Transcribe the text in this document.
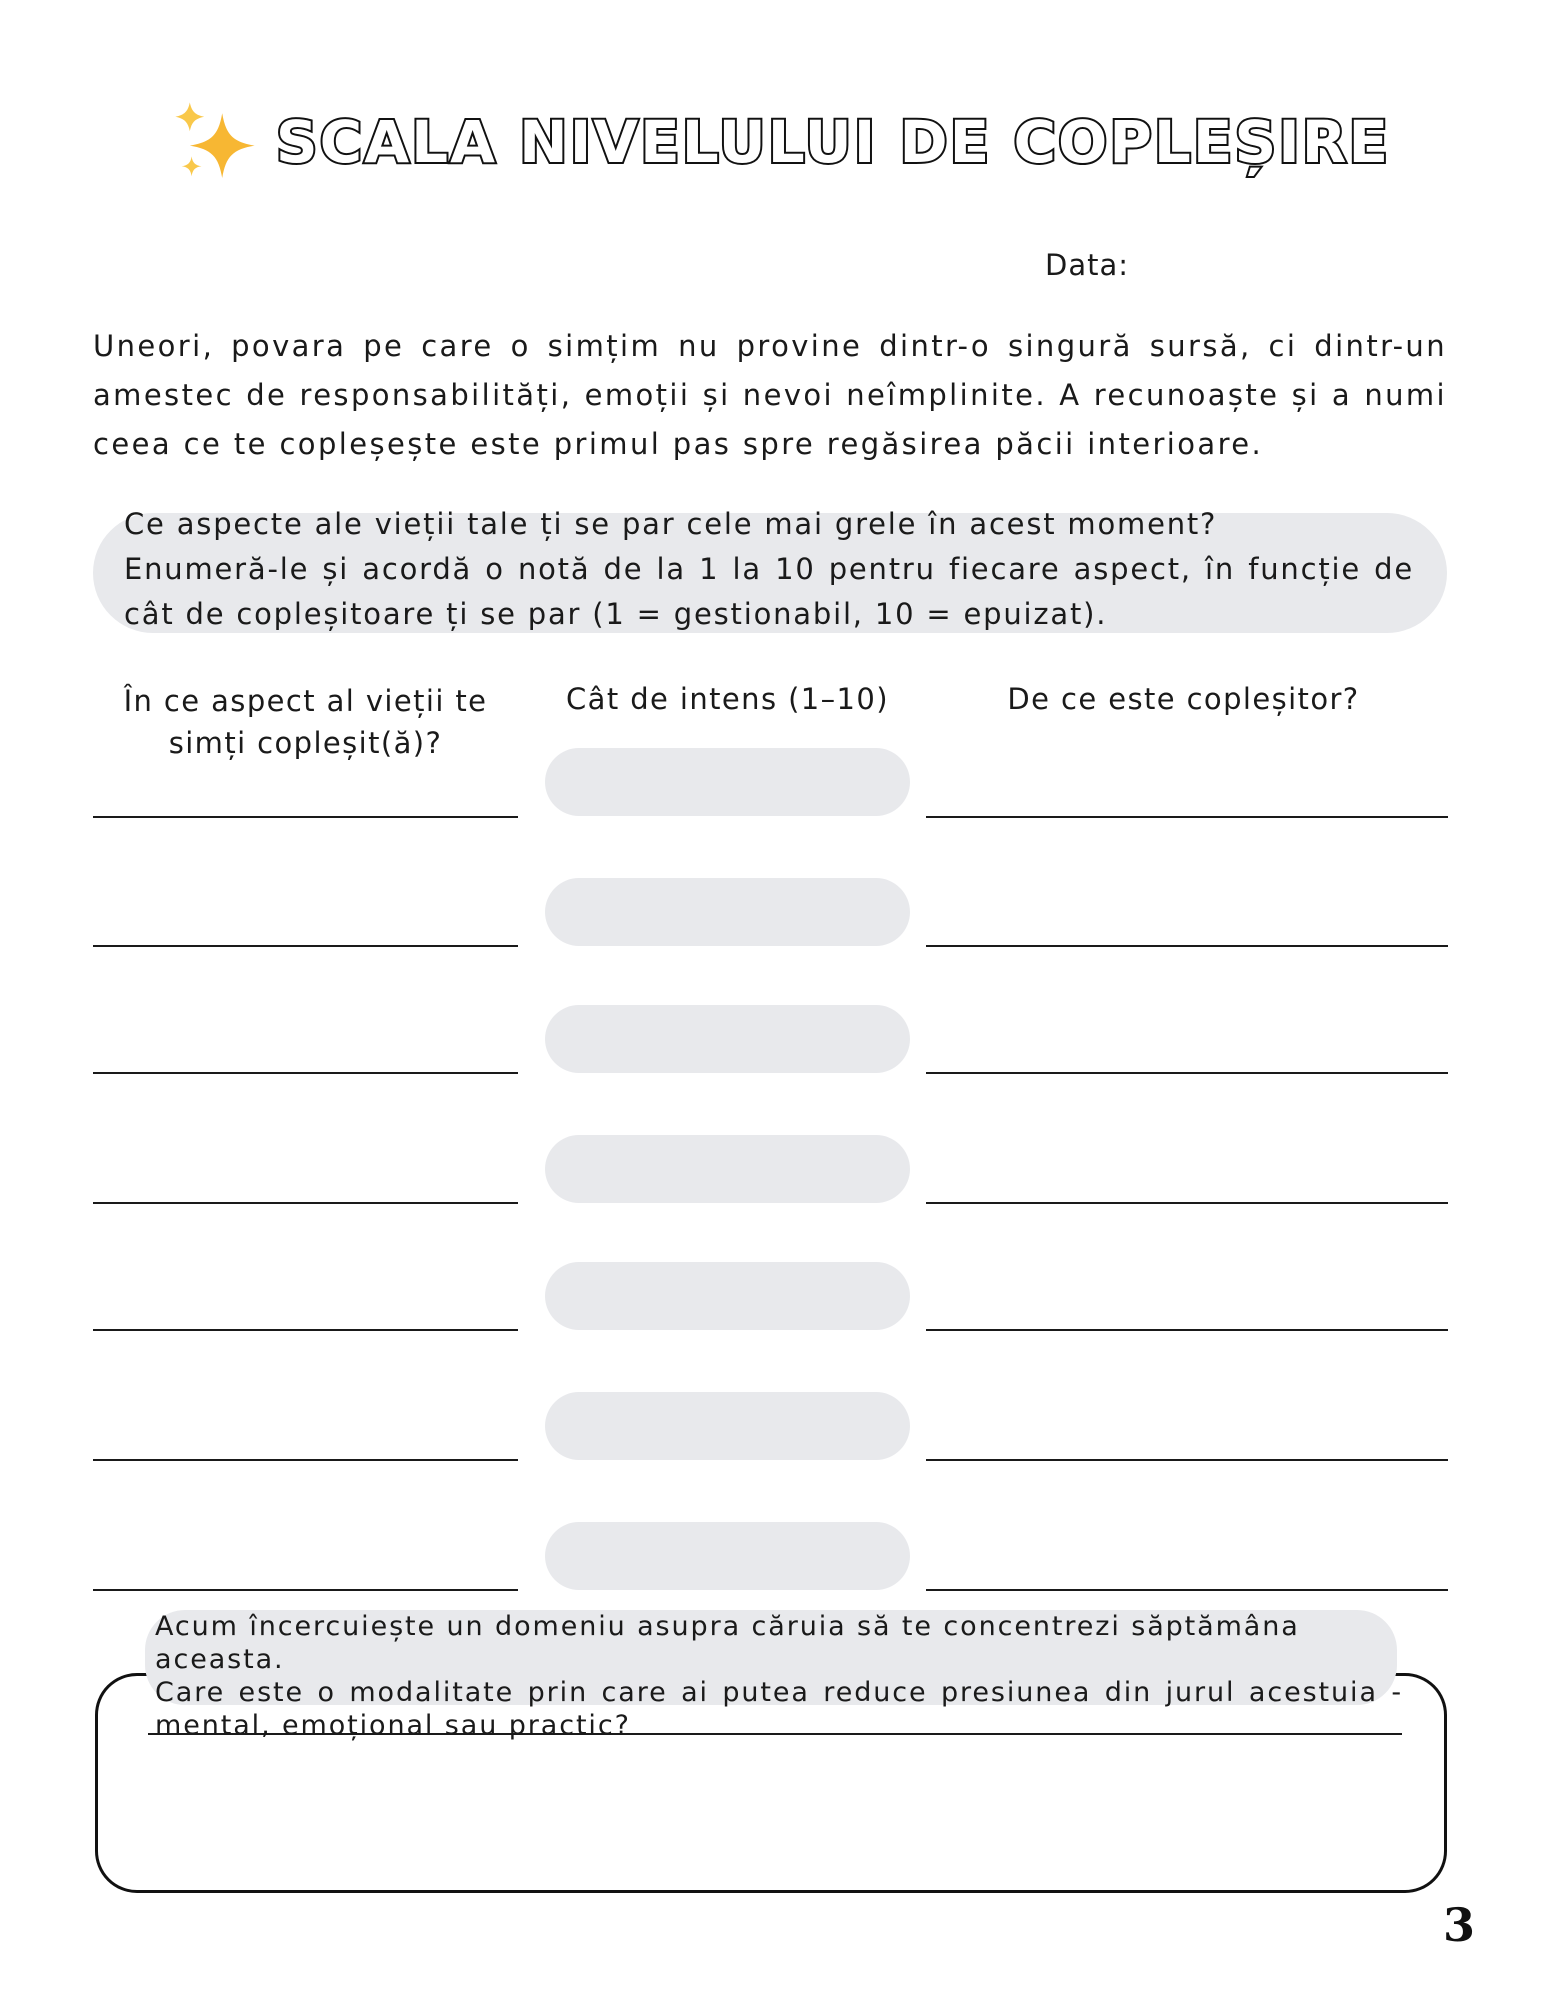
SCALA NIVELULUI DE COPLEȘIRE
Data:

Uneori, povara pe care o simțim nu provine dintr-o singură sursă, ci dintr-un amestec de responsabilități, emoții și nevoi neîmplinite. A recunoaște și a numi ceea ce te copleșește este primul pas spre regăsirea păcii interioare.

Ce aspecte ale vieții tale ți se par cele mai grele în acest moment?
Enumeră-le și acordă o notă de la 1 la 10 pentru fiecare aspect, în funcție de
cât de copleșitoare ți se par (1 = gestionabil, 10 = epuizat).

În ce aspect al vieții te simți copleșit(ă)?
Cât de intens (1–10)	De ce este copleșitor?

Acum încercuiește un domeniu asupra căruia să te concentrezi săptămâna aceasta.
Care este o modalitate prin care ai putea reduce presiunea din jurul acestuia -
mental, emoțional sau practic?

3
